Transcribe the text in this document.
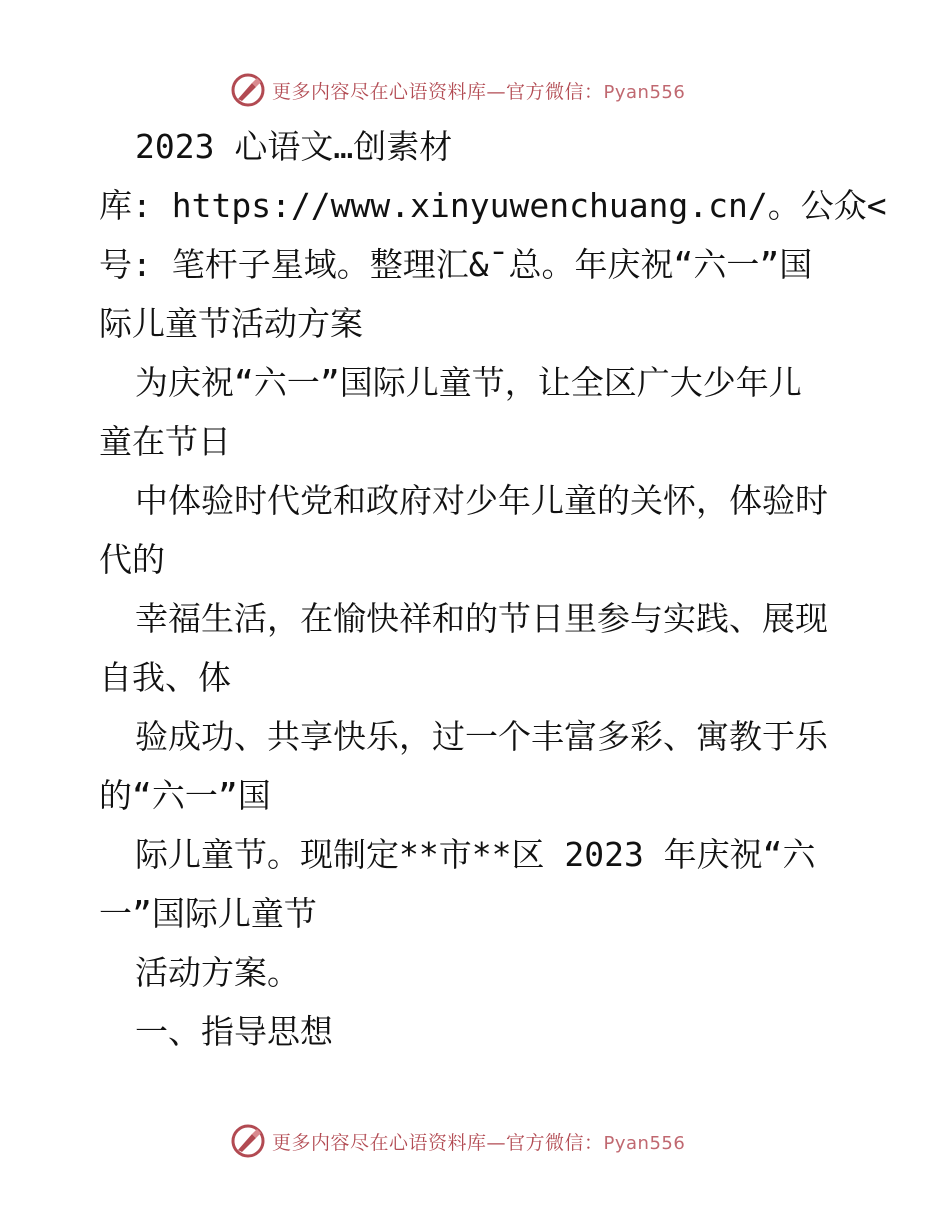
更多内容尽在心语资料库—官方微信：Pyan556
2023 心语文…创素材
库: https://www.xinyuwenchuang.cn/。公众<
号: 笔杆子星域。整理汇&¯总。年庆祝“六一”国
际儿童节活动方案
为庆祝“六一”国际儿童节，让全区广大少年儿
童在节日
中体验时代党和政府对少年儿童的关怀，体验时
代的
幸福生活，在愉快祥和的节日里参与实践、展现
自我、体
验成功、共享快乐，过一个丰富多彩、寓教于乐
的“六一”国
际儿童节。现制定**市**区 2023 年庆祝“六
一”国际儿童节
活动方案。
一、指导思想
更多内容尽在心语资料库—官方微信：Pyan556
